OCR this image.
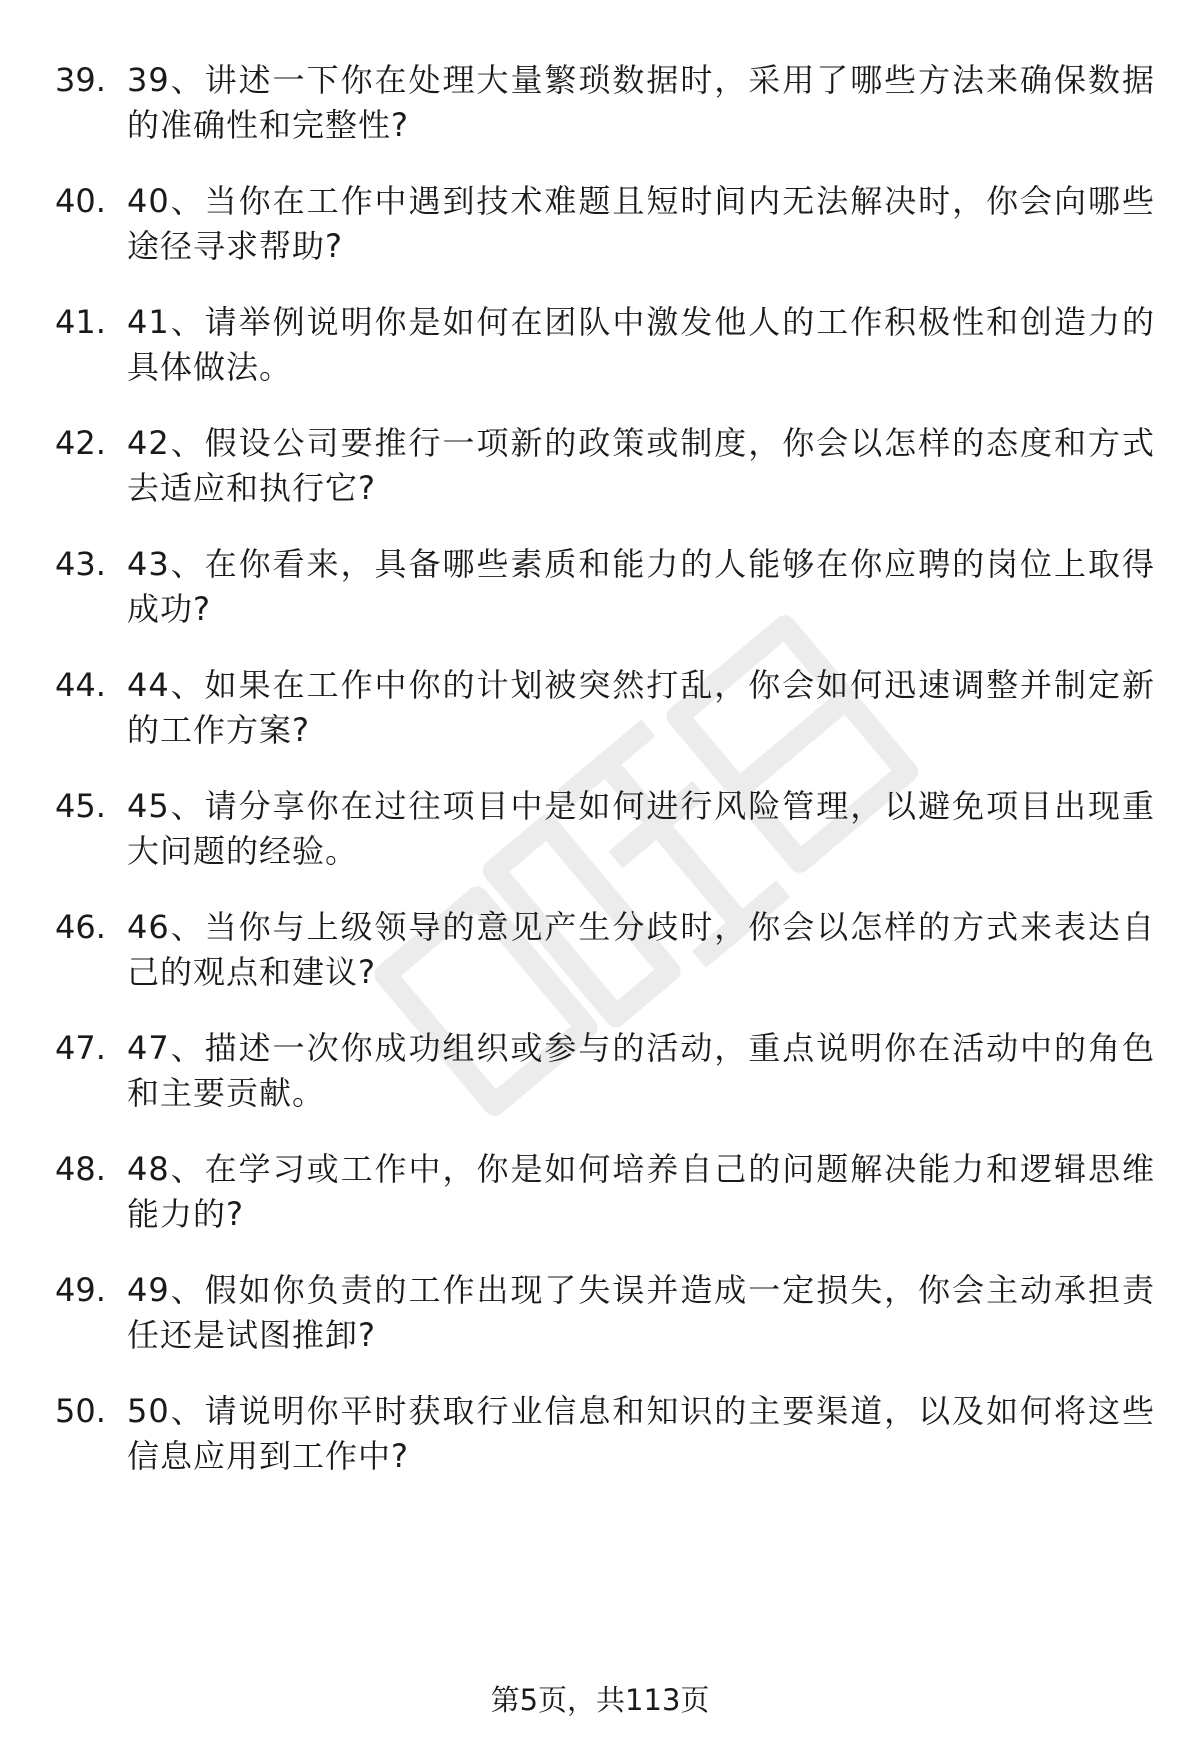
39. 39、讲述一下你在处理大量繁琐数据时，采用了哪些方法来确保数据的准确性和完整性?
40. 40、当你在工作中遇到技术难题且短时间内无法解决时，你会向哪些途径寻求帮助?
41. 41、请举例说明你是如何在团队中激发他人的工作积极性和创造力的具体做法。
42. 42、假设公司要推行一项新的政策或制度，你会以怎样的态度和方式去适应和执行它?
43. 43、在你看来，具备哪些素质和能力的人能够在你应聘的岗位上取得成功?
44. 44、如果在工作中你的计划被突然打乱，你会如何迅速调整并制定新的工作方案?
45. 45、请分享你在过往项目中是如何进行风险管理，以避免项目出现重大问题的经验。
46. 46、当你与上级领导的意见产生分歧时，你会以怎样的方式来表达自己的观点和建议?
47. 47、描述一次你成功组织或参与的活动，重点说明你在活动中的角色和主要贡献。
48. 48、在学习或工作中，你是如何培养自己的问题解决能力和逻辑思维能力的?
49. 49、假如你负责的工作出现了失误并造成一定损失，你会主动承担责任还是试图推卸?
50. 50、请说明你平时获取行业信息和知识的主要渠道，以及如何将这些信息应用到工作中?
第5页，共113页
